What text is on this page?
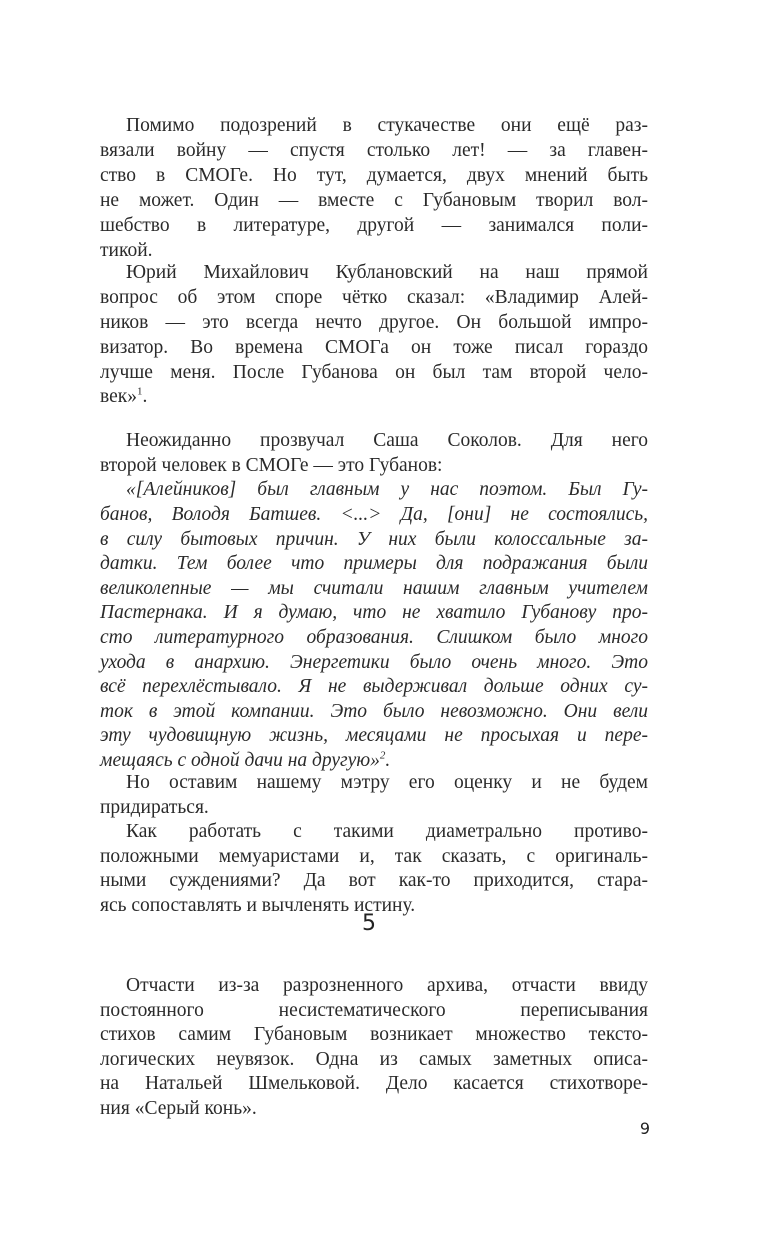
Помимо подозрений в стукачестве они ещё раз-
вязали войну — спустя столько лет! — за главен-
ство в СМОГе. Но тут, думается, двух мнений быть
не может. Один — вместе с Губановым творил вол-
шебство в литературе, другой — занимался поли-
тикой.
Юрий Михайлович Кублановский на наш прямой
вопрос об этом споре чётко сказал: «Владимир Алей-
ников — это всегда нечто другое. Он большой импро-
визатор. Во времена СМОГа он тоже писал гораздо
лучше меня. После Губанова он был там второй чело-
век»$^1$.
Неожиданно прозвучал Саша Соколов. Для него
второй человек в СМОГе — это Губанов:
«[Алейников] был главным у нас поэтом. Был Гу-
банов, Володя Батшев. <...> Да, [они] не состоялись,
в силу бытовых причин. У них были колоссальные за-
датки. Тем более что примеры для подражания были
великолепные — мы считали нашим главным учителем
Пастернака. И я думаю, что не хватило Губанову про-
сто литературного образования. Слишком было много
ухода в анархию. Энергетики было очень много. Это
всё перехлёстывало. Я не выдерживал дольше одних су-
ток в этой компании. Это было невозможно. Они вели
эту чудовищную жизнь, месяцами не просыхая и пере-
мещаясь с одной дачи на другую»$^2$.
Но оставим нашему мэтру его оценку и не будем
придираться.
Как работать с такими диаметрально противо-
положными мемуаристами и, так сказать, с оригиналь-
ными суждениями? Да вот как-то приходится, стара-
ясь сопоставлять и вычленять истину.
5
Отчасти из-за разрозненного архива, отчасти ввиду
постоянного несистематического переписывания
стихов самим Губановым возникает множество тексто-
логических неувязок. Одна из самых заметных описа-
на Натальей Шмельковой. Дело касается стихотворе-
ния «Серый конь».
9
